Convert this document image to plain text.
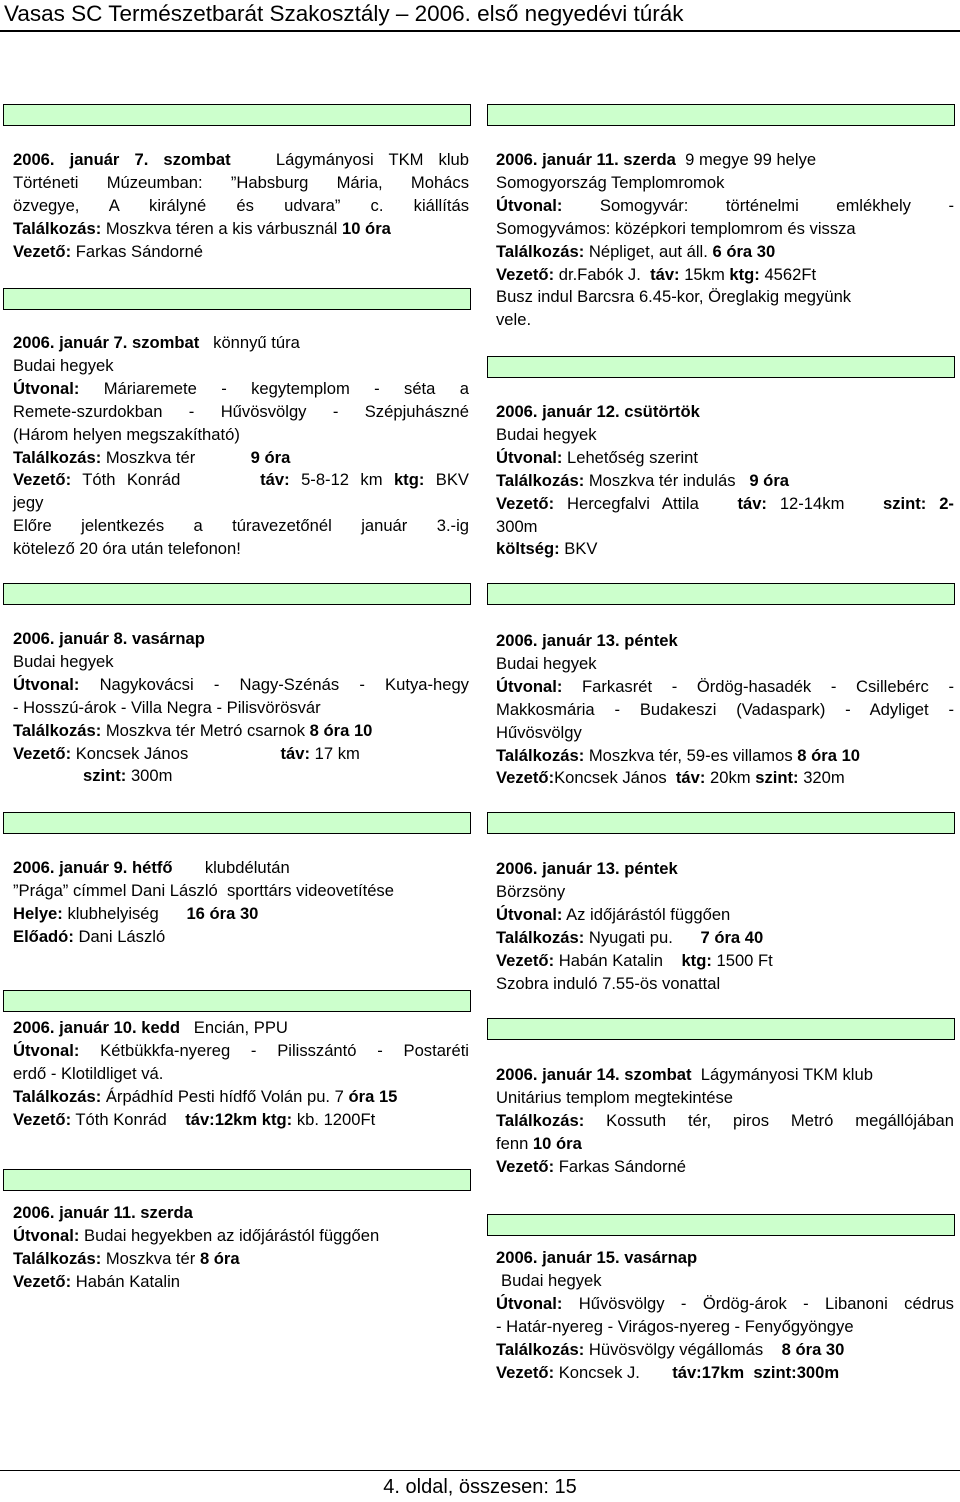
Vasas SC Természetbarát Szakosztály – 2006. első negyedévi túrák
2006. január 7. szombat	Lágymányosi TKM klub
Történeti Múzeumban: ”Habsburg Mária, Mohács
özvegye, A királyné és udvara” c. kiállítás
Találkozás: Moszkva téren a kis várbusznál 10 óra
Vezető: Farkas Sándorné
2006. január 7. szombat könnyű túra
Budai hegyek
Útvonal: Máriaremete - kegytemplom - séta a
Remete-szurdokban - Hűvösvölgy - Szépjuhászné
(Három helyen megszakítható)
Találkozás: Moszkva tér	9 óra
Vezető: Tóth Konrád	táv: 5-8-12 km ktg: BKV
jegy
Előre jelentkezés a túravezetőnél január 3.-ig
kötelező 20 óra után telefonon!
2006. január 8. vasárnap
Budai hegyek
Útvonal: Nagykovácsi - Nagy-Szénás - Kutya-hegy
- Hosszú-árok - Villa Negra - Pilisvörösvár
Találkozás: Moszkva tér Metró csarnok 8 óra 10
Vezető: Koncsek János	táv: 17 km
szint: 300m
2006. január 9. hétfő klubdélután
”Prága” címmel Dani László sporttárs videovetítése
Helye: klubhelyiség 16 óra 30
Előadó: Dani László
2006. január 10. kedd Encián, PPU
Útvonal: Kétbükkfa-nyereg - Pilisszántó - Postaréti
erdő - Klotildliget vá.
Találkozás: Árpádhíd Pesti hídfő Volán pu. 7 óra 15
Vezető: Tóth Konrád táv:12km ktg: kb. 1200Ft
2006. január 11. szerda
Útvonal: Budai hegyekben az időjárástól függően
Találkozás: Moszkva tér 8 óra
Vezető: Habán Katalin
2006. január 11. szerda 9 megye 99 helye
Somogyország Templomromok
Útvonal: Somogyvár: történelmi emlékhely -
Somogyvámos: középkori templomrom és vissza
Találkozás: Népliget, aut áll. 6 óra 30
Vezető: dr.Fabók J. táv: 15km ktg: 4562Ft
Busz indul Barcsra 6.45-kor, Öreglakig megyünk
vele.
2006. január 12. csütörtök
Budai hegyek
Útvonal: Lehetőség szerint
Találkozás: Moszkva tér indulás 9 óra
Vezető: Hercegfalvi Attila táv: 12-14km szint: 2-
300m
költség: BKV
2006. január 13. péntek
Budai hegyek
Útvonal: Farkasrét - Ördög-hasadék - Csillebérc -
Makkosmária - Budakeszi (Vadaspark) - Adyliget -
Hűvösvölgy
Találkozás: Moszkva tér, 59-es villamos 8 óra 10
Vezető:Koncsek János táv: 20km szint: 320m
2006. január 13. péntek
Börzsöny
Útvonal: Az időjárástól függően
Találkozás: Nyugati pu. 7 óra 40
Vezető: Habán Katalin ktg: 1500 Ft
Szobra induló 7.55-ös vonattal
2006. január 14. szombat Lágymányosi TKM klub
Unitárius templom megtekintése
Találkozás: Kossuth tér, piros Metró megállójában
fenn 10 óra
Vezető: Farkas Sándorné
2006. január 15. vasárnap
Budai hegyek
Útvonal: Hűvösvölgy - Ördög-árok - Libanoni cédrus
- Határ-nyereg - Virágos-nyereg - Fenyőgyöngye
Találkozás: Hüvösvölgy végállomás 8 óra 30
Vezető: Koncsek J. táv:17km szint:300m
4. oldal, összesen: 15
